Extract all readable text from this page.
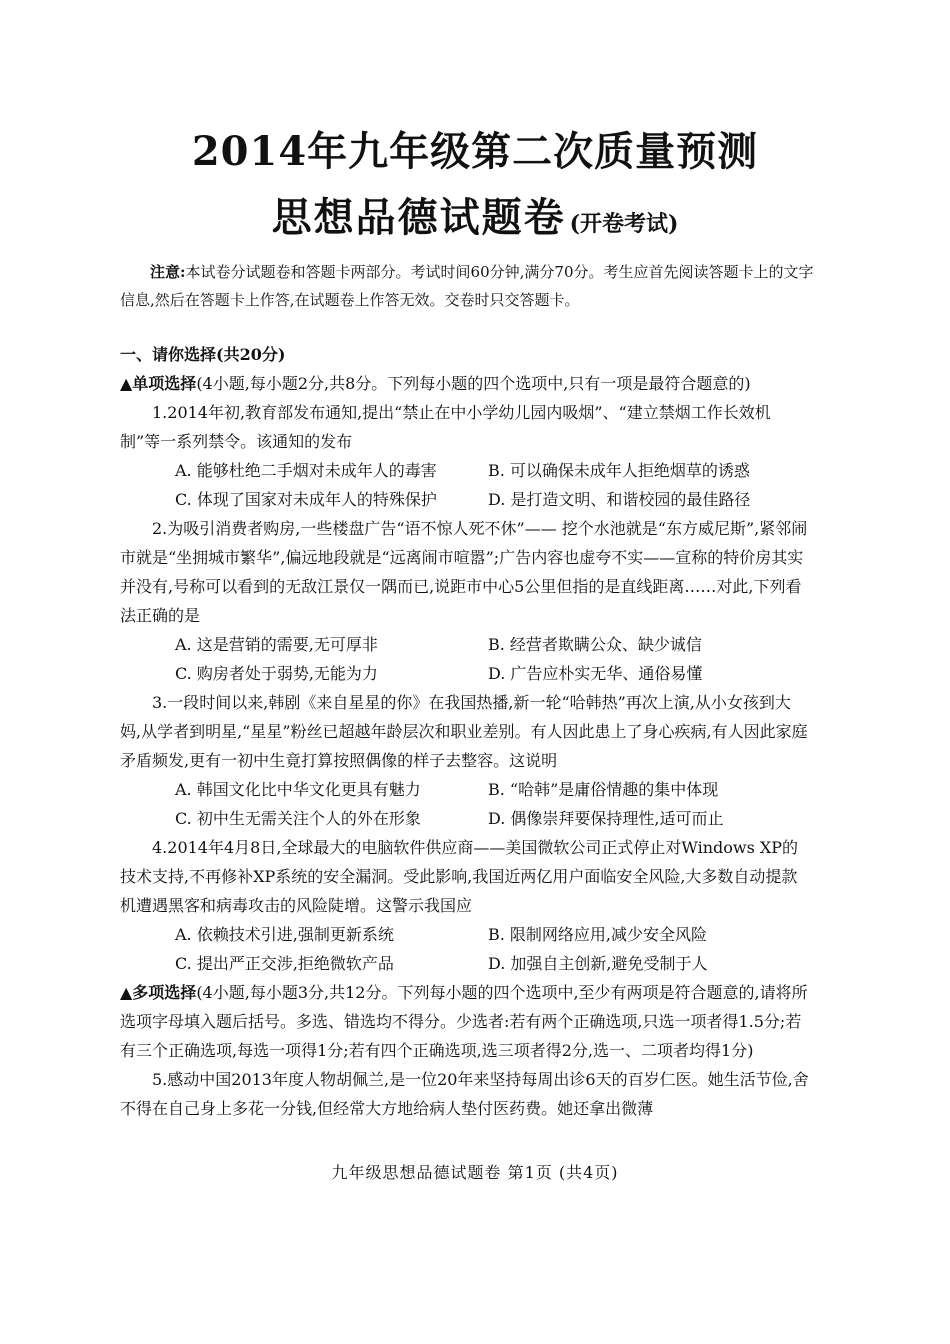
2014年九年级第二次质量预测
思想品德试题卷 (开卷考试)
注意:本试卷分试题卷和答题卡两部分。考试时间60分钟,满分70分。考生应首先阅读答题卡上的文字信息,然后在答题卡上作答,在试题卷上作答无效。交卷时只交答题卡。

一、请你选择(共20分)

▲单项选择(4小题,每小题2分,共8分。下列每小题的四个选项中,只有一项是最符合题意的)

1.2014年初,教育部发布通知,提出“禁止在中小学幼儿园内吸烟”、“建立禁烟工作长效机制”等一系列禁令。该通知的发布

A. 能够杜绝二手烟对未成年人的毒害	B. 可以确保未成年人拒绝烟草的诱惑
C. 体现了国家对未成年人的特殊保护	D. 是打造文明、和谐校园的最佳路径

2.为吸引消费者购房,一些楼盘广告“语不惊人死不休”—— 挖个水池就是“东方威尼斯”,紧邻闹市就是“坐拥城市繁华”,偏远地段就是“远离闹市喧嚣”;广告内容也虚夸不实——宣称的特价房其实并没有,号称可以看到的无敌江景仅一隅而已,说距市中心5公里但指的是直线距离……对此,下列看法正确的是

A. 这是营销的需要,无可厚非	B. 经营者欺瞒公众、缺少诚信
C. 购房者处于弱势,无能为力	D. 广告应朴实无华、通俗易懂

3.一段时间以来,韩剧《来自星星的你》在我国热播,新一轮“哈韩热”再次上演,从小女孩到大妈,从学者到明星,“星星”粉丝已超越年龄层次和职业差别。有人因此患上了身心疾病,有人因此家庭矛盾频发,更有一初中生竟打算按照偶像的样子去整容。这说明

A. 韩国文化比中华文化更具有魅力	B. “哈韩”是庸俗情趣的集中体现
C. 初中生无需关注个人的外在形象	D. 偶像崇拜要保持理性,适可而止

4.2014年4月8日,全球最大的电脑软件供应商——美国微软公司正式停止对Windows XP的技术支持,不再修补XP系统的安全漏洞。受此影响,我国近两亿用户面临安全风险,大多数自动提款机遭遇黑客和病毒攻击的风险陡增。这警示我国应

A. 依赖技术引进,强制更新系统	B. 限制网络应用,减少安全风险
C. 提出严正交涉,拒绝微软产品	D. 加强自主创新,避免受制于人

▲多项选择(4小题,每小题3分,共12分。下列每小题的四个选项中,至少有两项是符合题意的,请将所选项字母填入题后括号。多选、错选均不得分。少选者:若有两个正确选项,只选一项者得1.5分;若有三个正确选项,每选一项得1分;若有四个正确选项,选三项者得2分,选一、二项者均得1分)

5.感动中国2013年度人物胡佩兰,是一位20年来坚持每周出诊6天的百岁仁医。她生活节俭,舍不得在自己身上多花一分钱,但经常大方地给病人垫付医药费。她还拿出微薄

九年级思想品德试题卷 第1页 (共4页)
